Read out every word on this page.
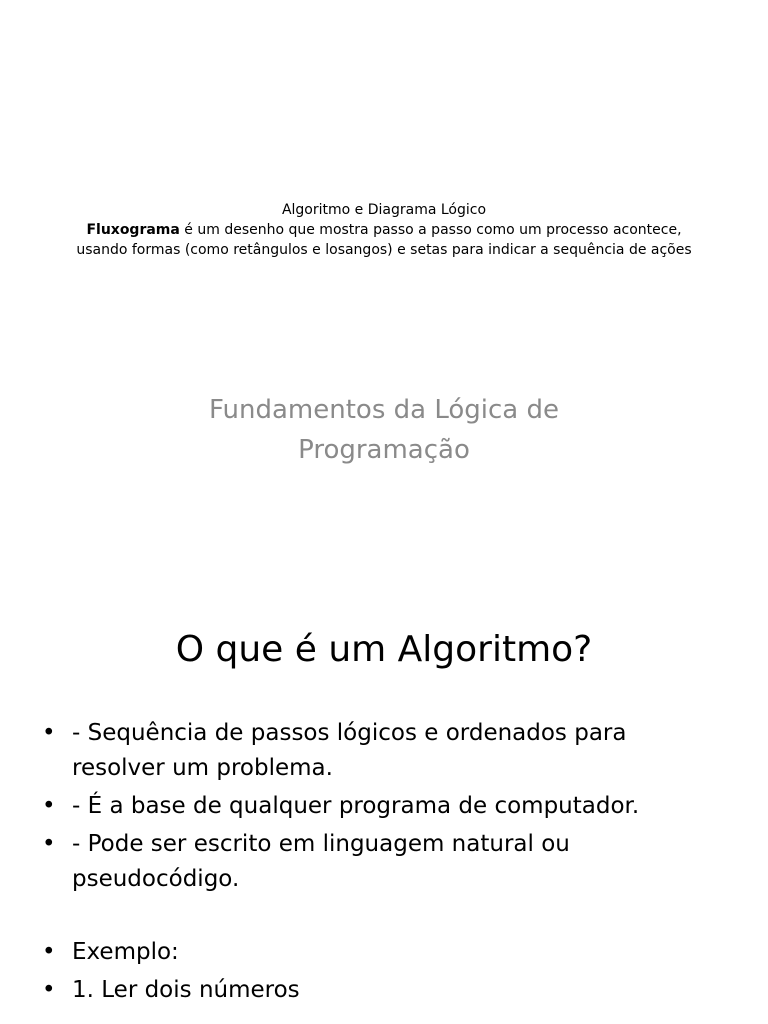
Algoritmo e Diagrama Lógico
Fluxograma é um desenho que mostra passo a passo como um processo acontece,
usando formas (como retângulos e losangos) e setas para indicar a sequência de ações
Fundamentos da Lógica de
Programação
O que é um Algoritmo?
• - Sequência de passos lógicos e ordenados para
resolver um problema.
• - É a base de qualquer programa de computador.
• - Pode ser escrito em linguagem natural ou
pseudocódigo.
• Exemplo:
• 1. Ler dois números
